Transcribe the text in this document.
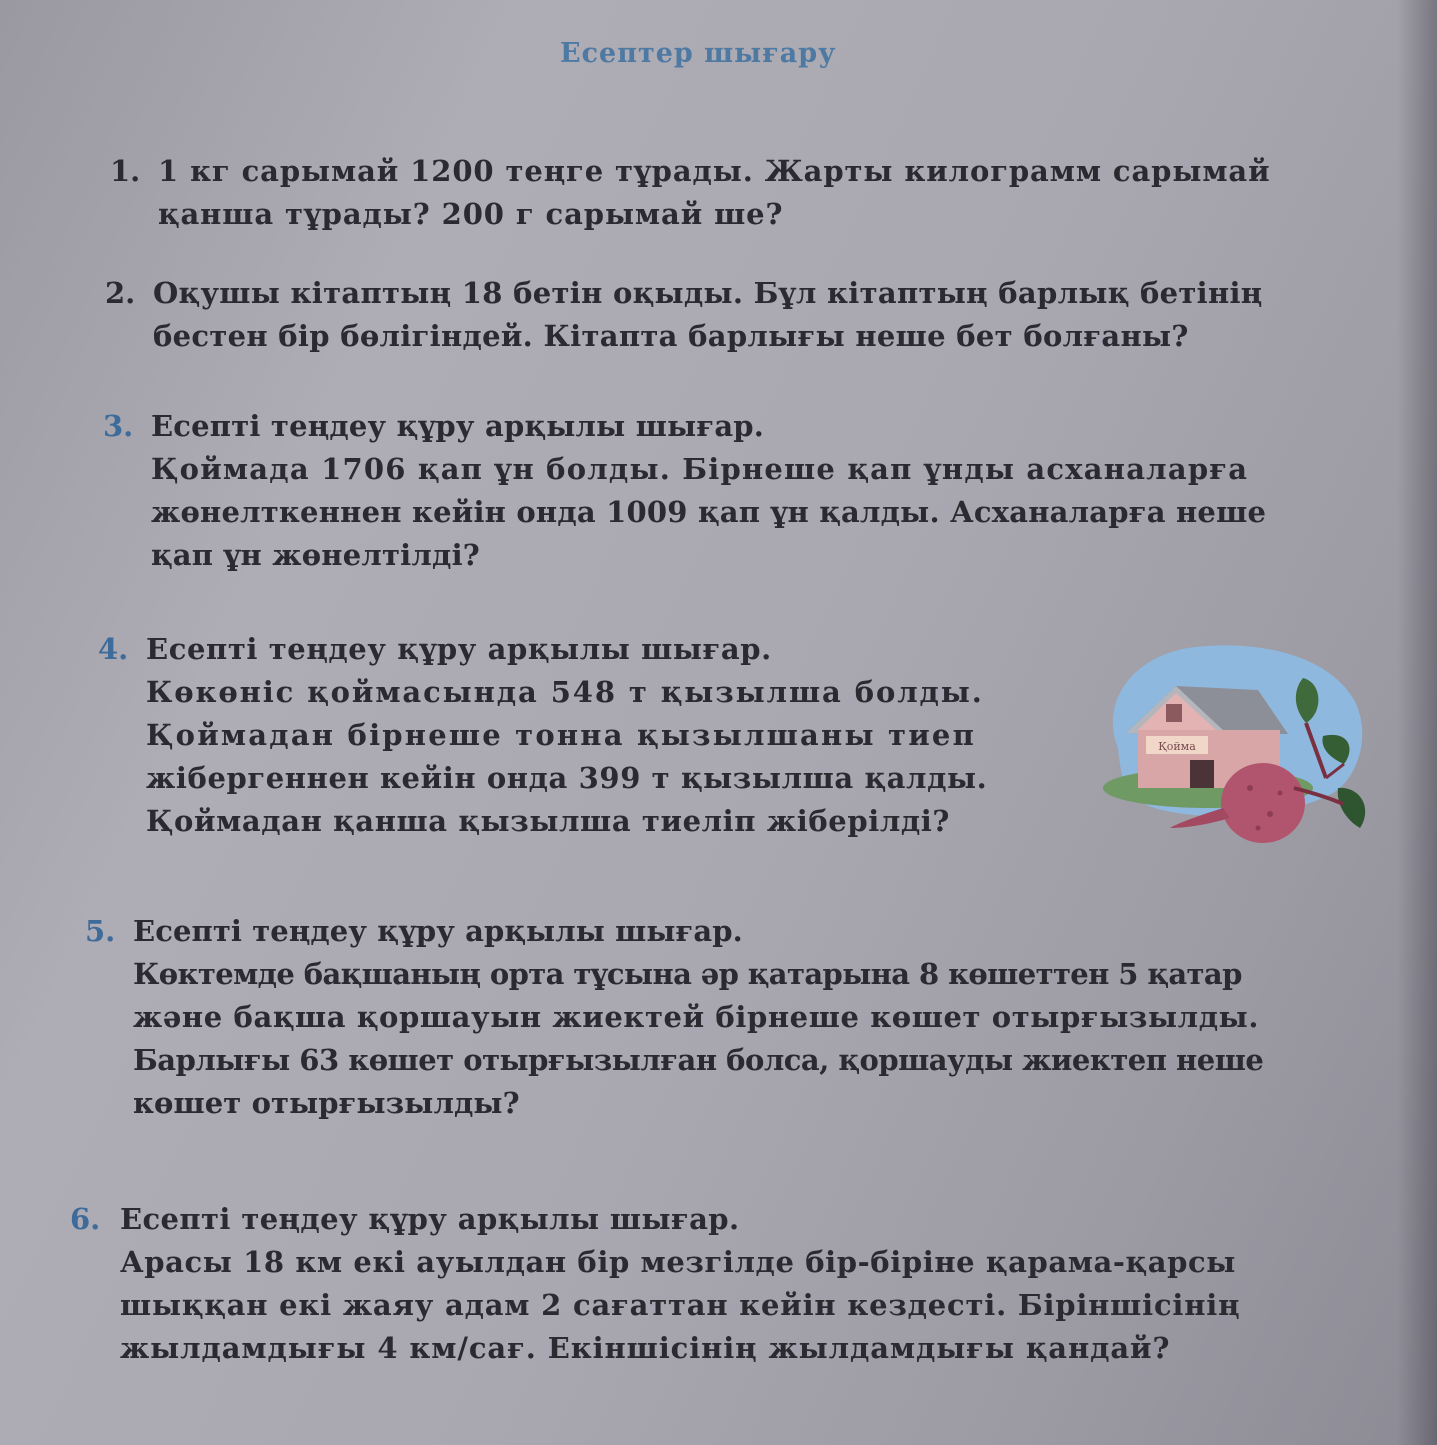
Есептер шығару
1. 1 кг сарымай 1200 теңге тұрады. Жарты килограмм сарымай
қанша тұрады? 200 г сарымай ше?
2. Оқушы кітаптың 18 бетін оқыды. Бұл кітаптың барлық бетінің
бестен бір бөлігіндей. Кітапта барлығы неше бет болғаны?
3. Есепті теңдеу құру арқылы шығар.
Қоймада 1706 қап ұн болды. Бірнеше қап ұнды асханаларға
жөнелткеннен кейін онда 1009 қап ұн қалды. Асханаларға неше
қап ұн жөнелтілді?
4. Есепті теңдеу құру арқылы шығар.
Көкөніс қоймасында 548 т қызылша болды.
Қоймадан бірнеше тонна қызылшаны тиеп
жібергеннен кейін онда 399 т қызылша қалды.
Қоймадан қанша қызылша тиеліп жіберілді?
Қойма
5. Есепті теңдеу құру арқылы шығар.
Көктемде бақшаның орта тұсына әр қатарына 8 көшеттен 5 қатар
және бақша қоршауын жиектей бірнеше көшет отырғызылды.
Барлығы 63 көшет отырғызылған болса, қоршауды жиектеп неше
көшет отырғызылды?
6. Есепті теңдеу құру арқылы шығар.
Арасы 18 км екі ауылдан бір мезгілде бір-біріне қарама-қарсы
шыққан екі жаяу адам 2 сағаттан кейін кездесті. Біріншісінің
жылдамдығы 4 км/сағ. Екіншісінің жылдамдығы қандай?
